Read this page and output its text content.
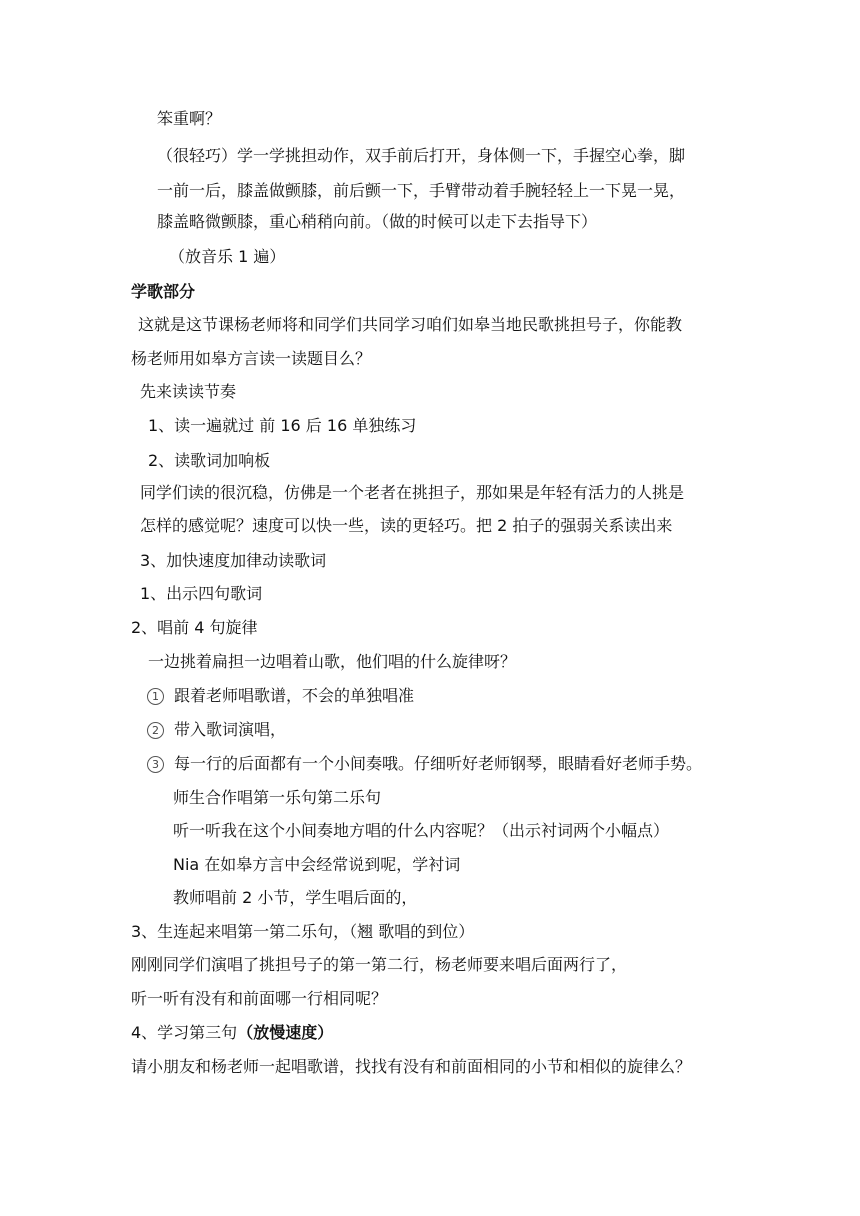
笨重啊？
（很轻巧）学一学挑担动作，双手前后打开，身体侧一下，手握空心拳，脚
一前一后，膝盖做颤膝，前后颤一下，手臂带动着手腕轻轻上一下晃一晃，
膝盖略微颤膝，重心稍稍向前。（做的时候可以走下去指导下）
（放音乐 1 遍）
学歌部分
这就是这节课杨老师将和同学们共同学习咱们如皋当地民歌挑担号子，你能教
杨老师用如皋方言读一读题目么？
先来读读节奏
1、读一遍就过 前 16 后 16 单独练习
2、读歌词加响板
同学们读的很沉稳，仿佛是一个老者在挑担子，那如果是年轻有活力的人挑是
怎样的感觉呢？速度可以快一些，读的更轻巧。把 2 拍子的强弱关系读出来
3、加快速度加律动读歌词
1、出示四句歌词
2、唱前 4 句旋律
一边挑着扁担一边唱着山歌，他们唱的什么旋律呀？
1 跟着老师唱歌谱，不会的单独唱准
2 带入歌词演唱，
3 每一行的后面都有一个小间奏哦。仔细听好老师钢琴，眼睛看好老师手势。
师生合作唱第一乐句第二乐句
听一听我在这个小间奏地方唱的什么内容呢？（出示衬词两个小幅点）
Nia 在如皋方言中会经常说到呢，学衬词
教师唱前 2 小节，学生唱后面的，
3、生连起来唱第一第二乐句，（翘 歌唱的到位）
刚刚同学们演唱了挑担号子的第一第二行，杨老师要来唱后面两行了，
听一听有没有和前面哪一行相同呢？
4、学习第三句（放慢速度）
请小朋友和杨老师一起唱歌谱，找找有没有和前面相同的小节和相似的旋律么？
